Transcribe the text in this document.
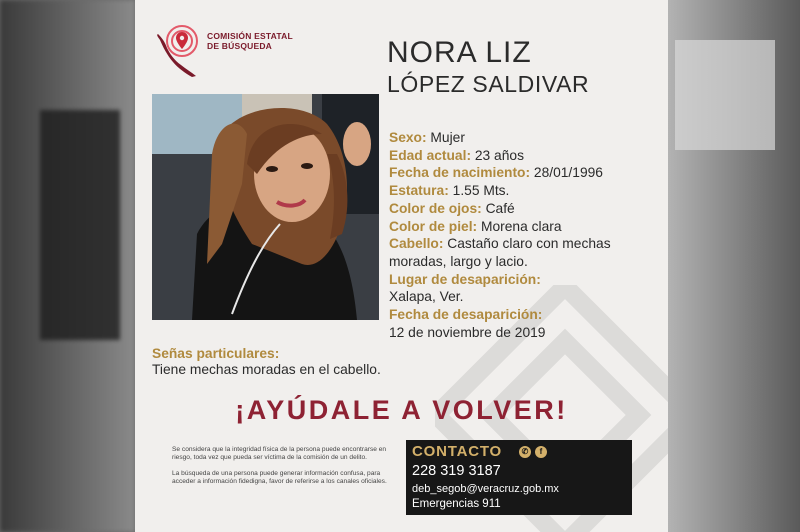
COMISIÓN ESTATAL
DE BÚSQUEDA	NORA LIZ
LÓPEZ SALDIVAR
Sexo: Mujer
Edad actual: 23 años
Fecha de nacimiento: 28/01/1996
Estatura: 1.55 Mts.
Color de ojos: Café
Color de piel: Morena clara
Cabello: Castaño claro con mechas
moradas, largo y lacio.
Lugar de desaparición:
Xalapa, Ver.
Fecha de desaparición:
12 de noviembre de 2019
Señas particulares:
Tiene mechas moradas en el cabello.
¡AYÚDALE A VOLVER!

Se considera que la integridad física de la persona puede encontrarse en riesgo, toda vez que pueda ser víctima de la comisión de un delito.

La búsqueda de una persona puede generar información confusa, para acceder a información fidedigna, favor de referirse a los canales oficiales.

CONTACTO	✆	f
228 319 3187
deb_segob@veracruz.gob.mx
Emergencias 911
